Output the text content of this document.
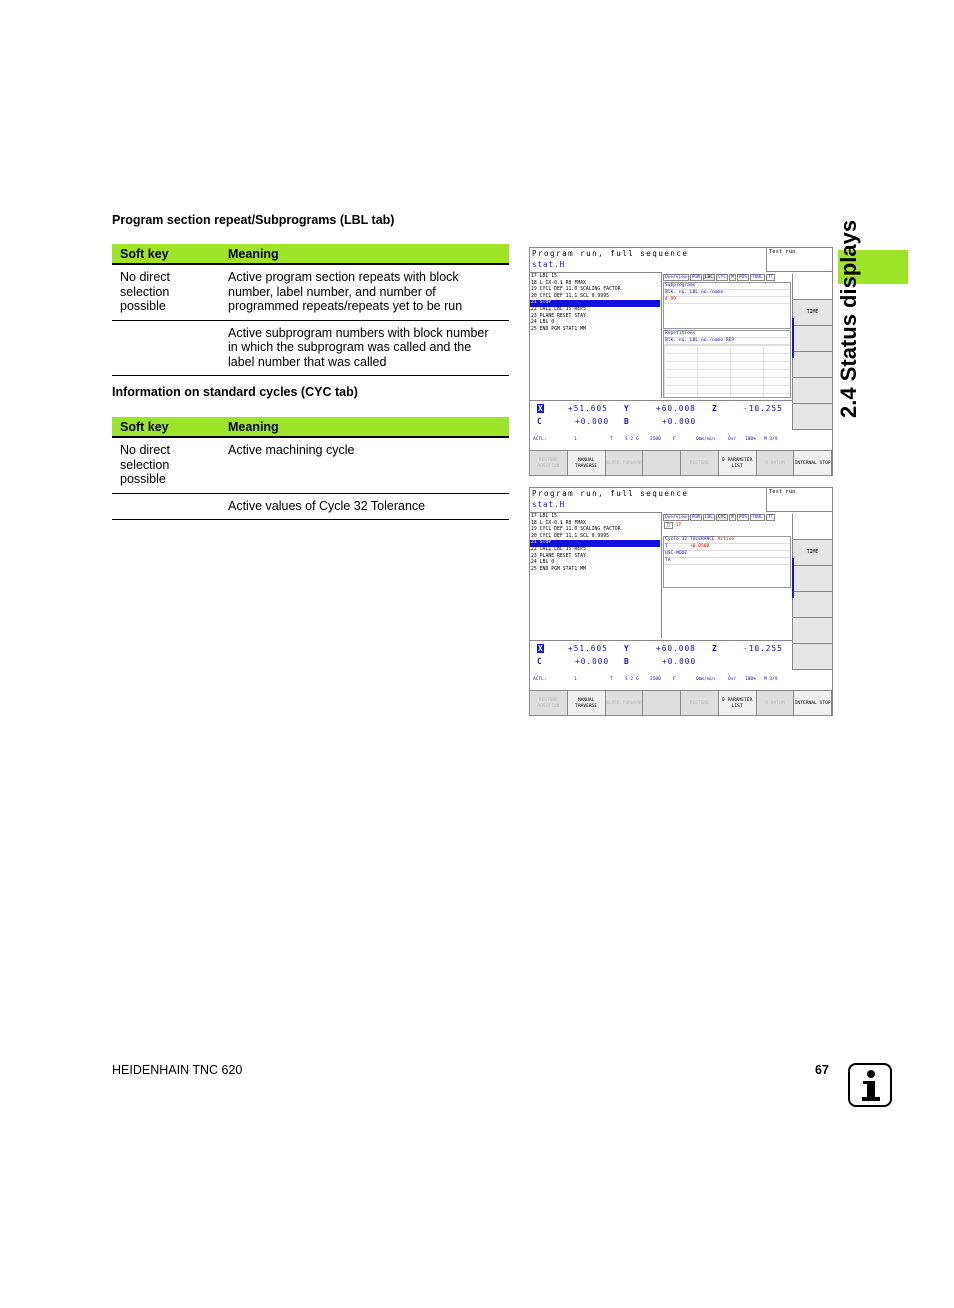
Program section repeat/Subprograms (LBL tab)
Soft key	Meaning
No direct selection possible	Active program section repeats with block number, label number, and number of programmed repeats/repeats yet to be run
	Active subprogram numbers with block number in which the subprogram was called and the label number that was called
Information on standard cycles (CYC tab)
Soft key	Meaning
No direct selection possible	Active machining cycle
	Active values of Cycle 32 Tolerance
2.4 Status displays
Program run, full sequence
stat.H
Test run
17 LBL 15
18 L IX-0.1 R0 FMAX
19 CYCL DEF 11.0 SCALING FACTOR
20 CYCL DEF 11.1 SCL 0.9995
21 STOP
22 CALL LBL 15 REP5
23 PLANE RESET STAY
24 LBL 0
25 END PGM STAT1 MM
Overview	PGM	LBL	CYC	M	POS	TOOL	TT
Subprograms
Blk. no. LBL no./name
4 99
Repetitions
Blk. no. LBL no./name REP
TIME
X	+51.605 Y	+60.008 Z	-10.255
C	+0.000 B	+0.000
ACTL.	1	T	S 2 G	2500	F	0mm/min	Ovr 100% M 3/9
RESTORE POSITION
MANUAL TRAVERSE
BLOCK FORWARD	RESTORE
0 PARAMETER LIST
0 DATUM	INTERNAL STOP
Program run, full sequence
stat.H
Test run
17 LBL 15
18 L IX-0.1 R0 FMAX
19 CYCL DEF 11.0 SCALING FACTOR
20 CYCL DEF 11.1 SCL 0.9995
21 STOP
22 CALL LBL 15 REP5
23 PLANE RESET STAY
24 LBL 0
25 END PGM STAT1 MM
Overview	PGM	LBL	CYC	M	POS	TOOL	TT
□ 17
Cycle 32 TOLERANCE Active
T	+0.0500
HSC-MODE
TA
TIME
X	+51.605 Y	+60.008 Z	-10.255
C	+0.000 B	+0.000
ACTL.	1	T	S 2 G	2500	F	0mm/min	Ovr 100% M 3/9
RESTORE POSITION
MANUAL TRAVERSE
BLOCK FORWARD	RESTORE
0 PARAMETER LIST
0 DATUM	INTERNAL STOP
HEIDENHAIN TNC 620	67
